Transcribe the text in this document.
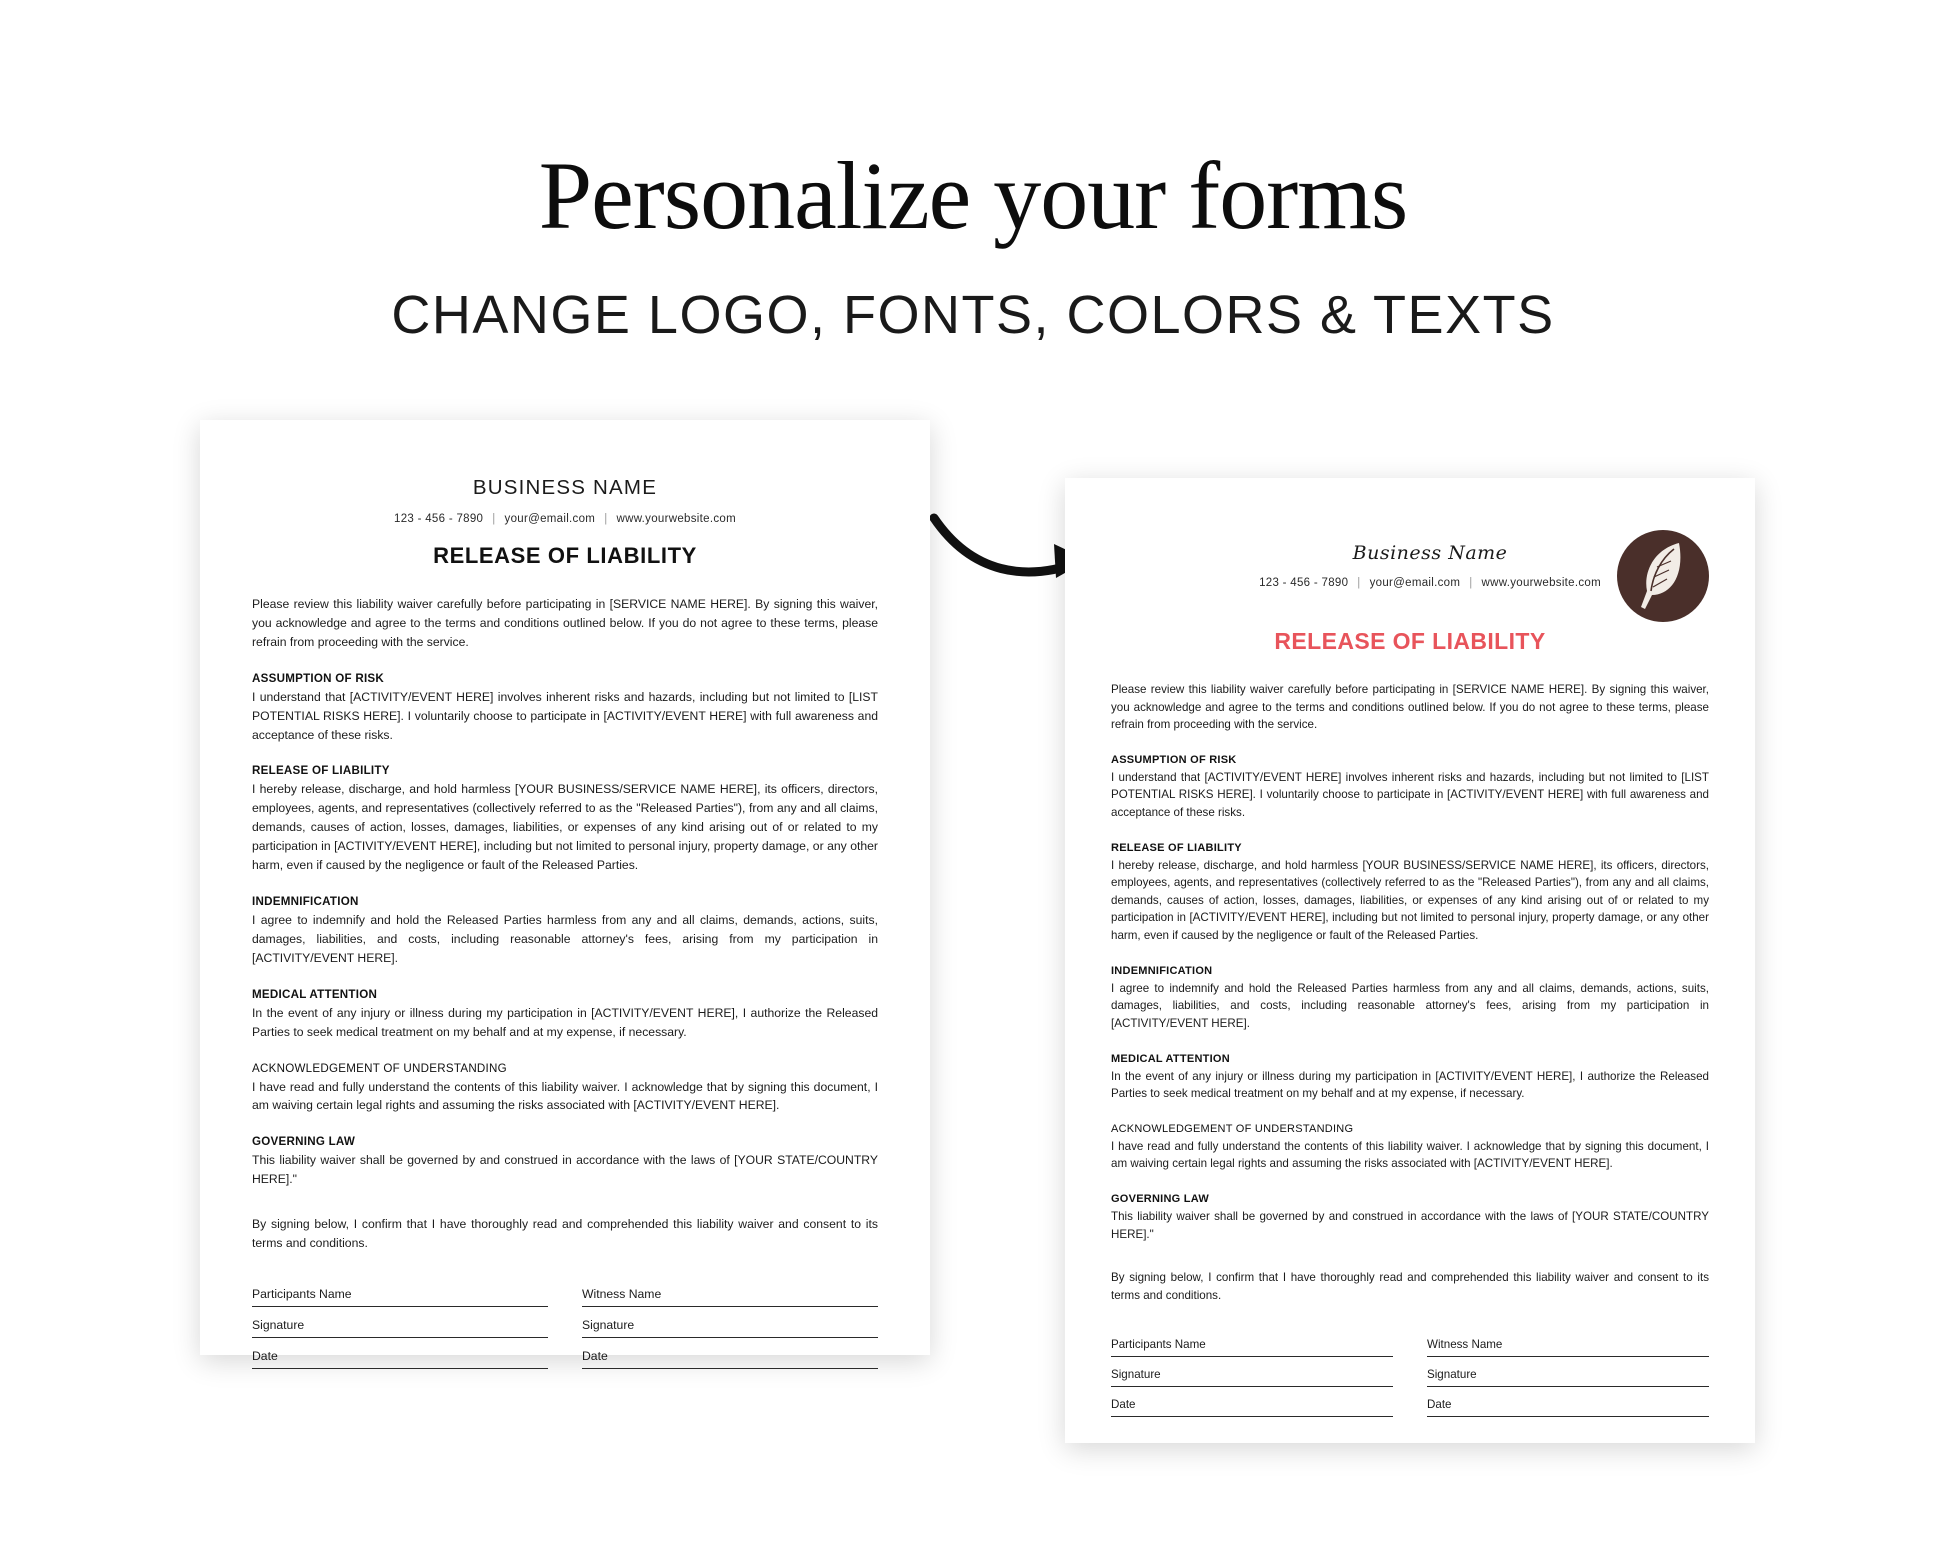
Personalize your forms
CHANGE LOGO, FONTS, COLORS & TEXTS
BUSINESS NAME
123 - 456 - 7890 | your@email.com | www.yourwebsite.com
RELEASE OF LIABILITY
Please review this liability waiver carefully before participating in [SERVICE NAME HERE]. By signing this waiver, you acknowledge and agree to the terms and conditions outlined below. If you do not agree to these terms, please refrain from proceeding with the service.
ASSUMPTION OF RISK
I understand that [ACTIVITY/EVENT HERE] involves inherent risks and hazards, including but not limited to [LIST POTENTIAL RISKS HERE]. I voluntarily choose to participate in [ACTIVITY/EVENT HERE] with full awareness and acceptance of these risks.
RELEASE OF LIABILITY
I hereby release, discharge, and hold harmless [YOUR BUSINESS/SERVICE NAME HERE], its officers, directors, employees, agents, and representatives (collectively referred to as the "Released Parties"), from any and all claims, demands, causes of action, losses, damages, liabilities, or expenses of any kind arising out of or related to my participation in [ACTIVITY/EVENT HERE], including but not limited to personal injury, property damage, or any other harm, even if caused by the negligence or fault of the Released Parties.
INDEMNIFICATION
I agree to indemnify and hold the Released Parties harmless from any and all claims, demands, actions, suits, damages, liabilities, and costs, including reasonable attorney's fees, arising from my participation in [ACTIVITY/EVENT HERE].
MEDICAL ATTENTION
In the event of any injury or illness during my participation in [ACTIVITY/EVENT HERE], I authorize the Released Parties to seek medical treatment on my behalf and at my expense, if necessary.
ACKNOWLEDGEMENT OF UNDERSTANDING
I have read and fully understand the contents of this liability waiver. I acknowledge that by signing this document, I am waiving certain legal rights and assuming the risks associated with [ACTIVITY/EVENT HERE].
GOVERNING LAW
This liability waiver shall be governed by and construed in accordance with the laws of [YOUR STATE/COUNTRY HERE]."
By signing below, I confirm that I have thoroughly read and comprehended this liability waiver and consent to its terms and conditions.
Participants Name	Witness Name
Signature	Signature
Date	Date
Business Name
123 - 456 - 7890 | your@email.com | www.yourwebsite.com
RELEASE OF LIABILITY
Please review this liability waiver carefully before participating in [SERVICE NAME HERE]. By signing this waiver, you acknowledge and agree to the terms and conditions outlined below. If you do not agree to these terms, please refrain from proceeding with the service.
ASSUMPTION OF RISK
I understand that [ACTIVITY/EVENT HERE] involves inherent risks and hazards, including but not limited to [LIST POTENTIAL RISKS HERE]. I voluntarily choose to participate in [ACTIVITY/EVENT HERE] with full awareness and acceptance of these risks.
RELEASE OF LIABILITY
I hereby release, discharge, and hold harmless [YOUR BUSINESS/SERVICE NAME HERE], its officers, directors, employees, agents, and representatives (collectively referred to as the "Released Parties"), from any and all claims, demands, causes of action, losses, damages, liabilities, or expenses of any kind arising out of or related to my participation in [ACTIVITY/EVENT HERE], including but not limited to personal injury, property damage, or any other harm, even if caused by the negligence or fault of the Released Parties.
INDEMNIFICATION
I agree to indemnify and hold the Released Parties harmless from any and all claims, demands, actions, suits, damages, liabilities, and costs, including reasonable attorney's fees, arising from my participation in [ACTIVITY/EVENT HERE].
MEDICAL ATTENTION
In the event of any injury or illness during my participation in [ACTIVITY/EVENT HERE], I authorize the Released Parties to seek medical treatment on my behalf and at my expense, if necessary.
ACKNOWLEDGEMENT OF UNDERSTANDING
I have read and fully understand the contents of this liability waiver. I acknowledge that by signing this document, I am waiving certain legal rights and assuming the risks associated with [ACTIVITY/EVENT HERE].
GOVERNING LAW
This liability waiver shall be governed by and construed in accordance with the laws of [YOUR STATE/COUNTRY HERE]."
By signing below, I confirm that I have thoroughly read and comprehended this liability waiver and consent to its terms and conditions.
Participants Name	Witness Name
Signature	Signature
Date	Date
